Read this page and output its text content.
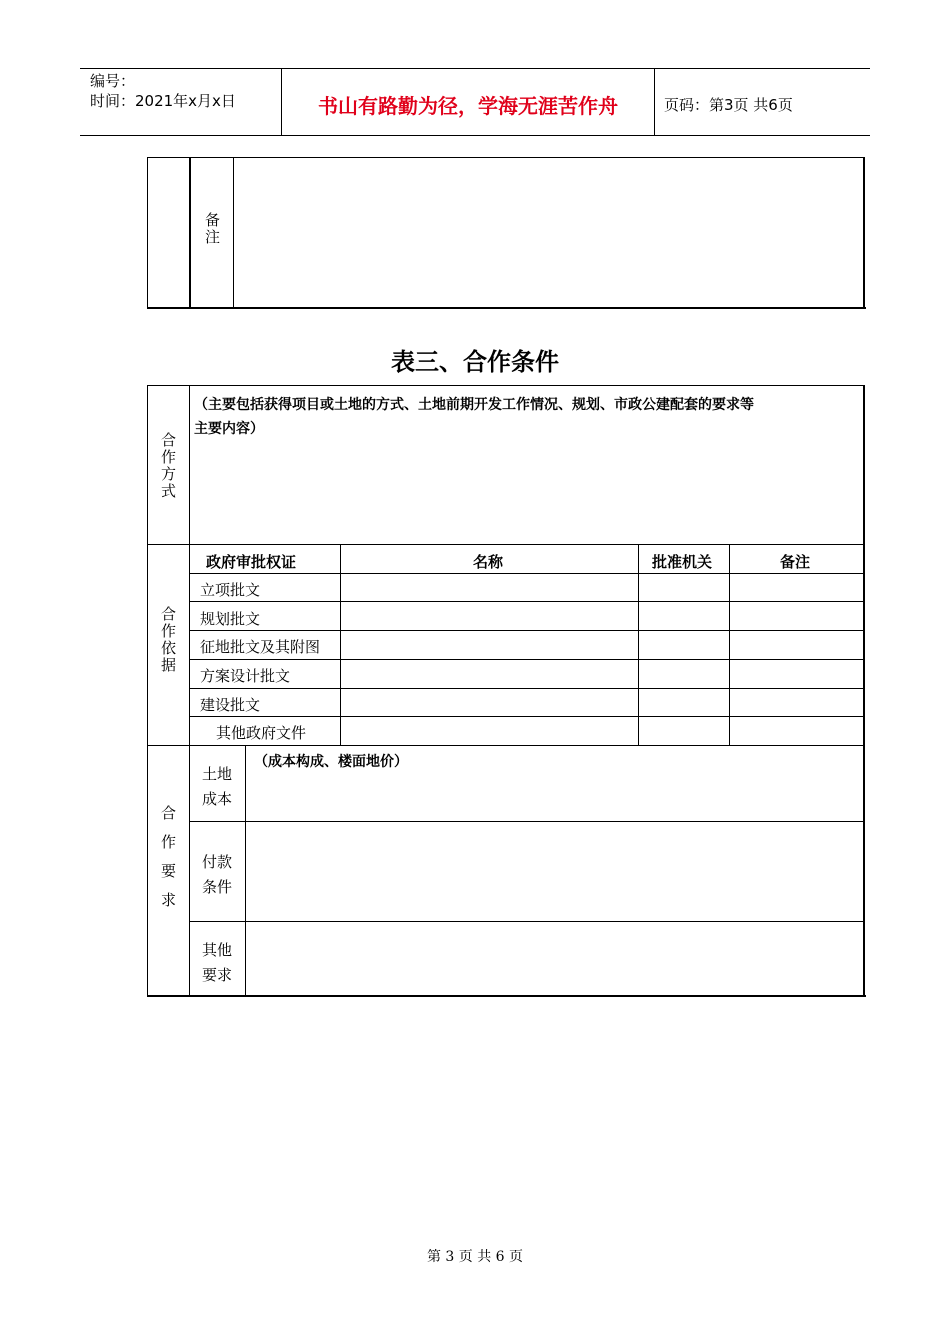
编号：
时间：2021年x月x日	书山有路勤为径，学海无涯苦作舟	页码：第3页 共6页
备注
表三、合作条件
合作方式
（主要包括获得项目或土地的方式、土地前期开发工作情况、规划、市政公建配套的要求等
主要内容）
合作依据
政府审批权证	名称	批准机关	备注
立项批文
规划批文
征地批文及其附图
方案设计批文
建设批文
其他政府文件
合作要求
土地成本
（成本构成、楼面地价）
付款条件
其他要求
第 3 页 共 6 页
